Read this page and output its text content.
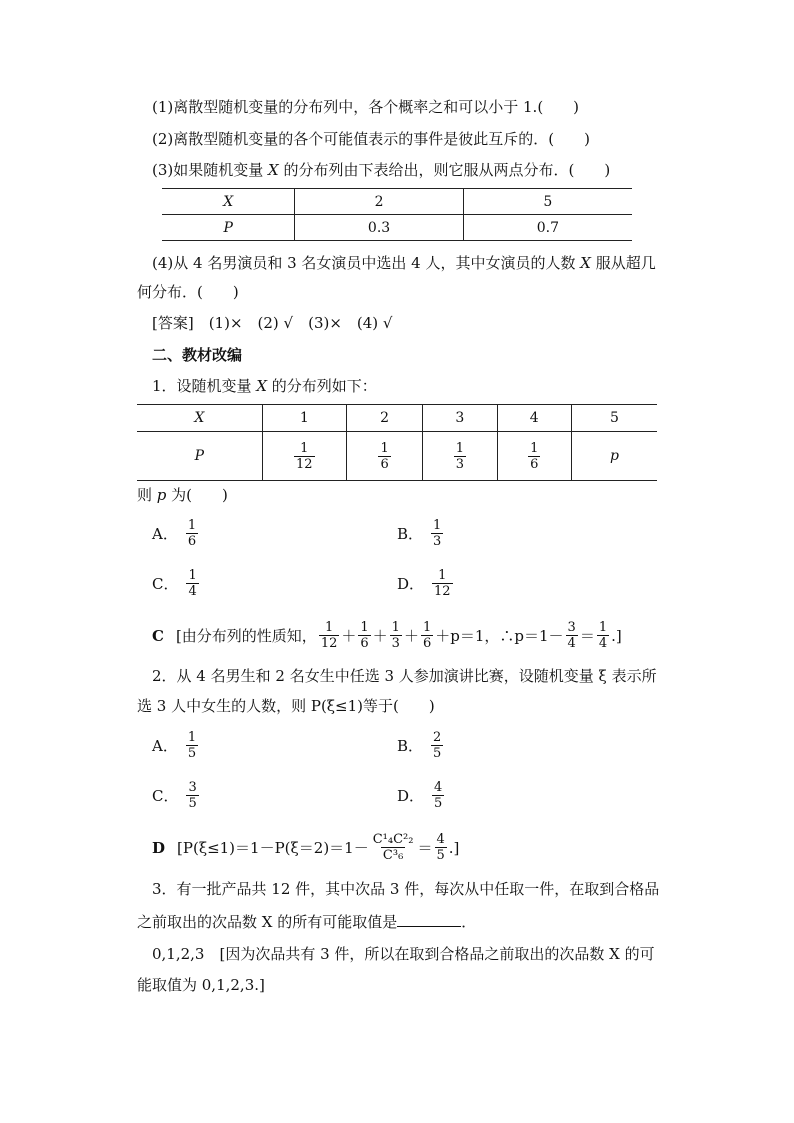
(1)离散型随机变量的分布列中，各个概率之和可以小于 1.(　　)
(2)离散型随机变量的各个可能值表示的事件是彼此互斥的．(　　)
(3)如果随机变量 X 的分布列由下表给出，则它服从两点分布．(　　)
X	2	5
P	0.3	0.7
(4)从 4 名男演员和 3 名女演员中选出 4 人，其中女演员的人数 X 服从超几
何分布．(　　)
[答案]　(1)×　(2) √　(3)×　(4) √
二、教材改编
1．设随机变量 X 的分布列如下：
X	1	2	3	4	5
P	$\frac{1}{12}$	$\frac{1}{6}$	$\frac{1}{3}$	$\frac{1}{6}$	p
则 p 为(　　)
A． $\frac{1}{6}$	B． $\frac{1}{3}$
C． $\frac{1}{4}$	D． $\frac{1}{12}$
C [由分布列的性质知， $\frac{1}{12} + \frac{1}{6} + \frac{1}{3} + \frac{1}{6} +p=1$，∴p＝1－ $\frac{3}{4} = \frac{1}{4}$ .]
2．从 4 名男生和 2 名女生中任选 3 人参加演讲比赛，设随机变量 ξ 表示所
选 3 人中女生的人数，则 P(ξ≤1)等于(　　)
A． $\frac{1}{5}$	B． $\frac{2}{5}$
C． $\frac{3}{5}$	D． $\frac{4}{5}$
D [$P(\xi\le 1)=1-P(\xi=2)=1- \frac{\text{C¹₄C²₂}}{\text{C³₆}} = \frac{4}{5}$ .]
3．有一批产品共 12 件，其中次品 3 件，每次从中任取一件，在取到合格品
之前取出的次品数 X 的所有可能取值是	．
0,1,2,3　[因为次品共有 3 件，所以在取到合格品之前取出的次品数 X 的可
能取值为 0,1,2,3.]
